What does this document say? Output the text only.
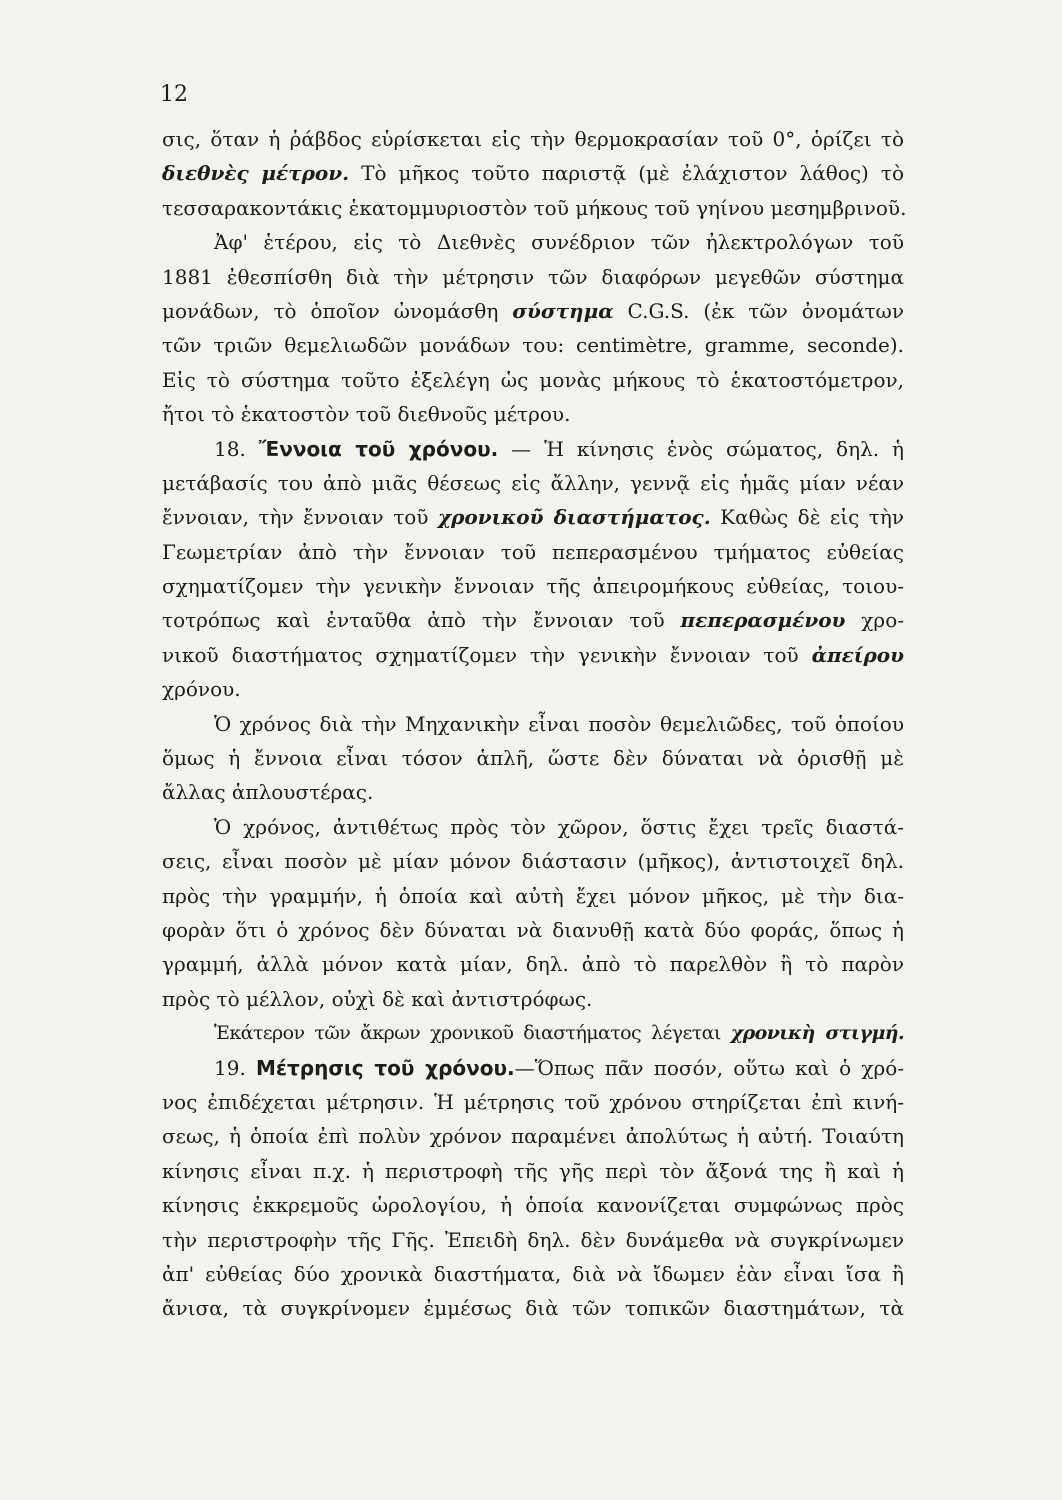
12
σις, ὅταν ἡ ῥάβδος εὑρίσκεται εἰς τὴν θερμοκρασίαν τοῦ 0°, ὁρίζει τὸ
διεθνὲς μέτρον. Τὸ μῆκος τοῦτο παριστᾷ (μὲ ἐλάχιστον λάθος) τὸ
τεσσαρακοντάκις ἑκατομμυριοστὸν τοῦ μήκους τοῦ γηίνου μεσημβρινοῦ.
Ἀφ' ἑτέρου, εἰς τὸ Διεθνὲς συνέδριον τῶν ἠλεκτρολόγων τοῦ
1881 ἐθεσπίσθη διὰ τὴν μέτρησιν τῶν διαφόρων μεγεθῶν σύστημα
μονάδων, τὸ ὁποῖον ὠνομάσθη σύστημα C.G.S. (ἐκ τῶν ὀνομάτων
τῶν τριῶν θεμελιωδῶν μονάδων του: centimètre, gramme, seconde).
Εἰς τὸ σύστημα τοῦτο ἐξελέγη ὡς μονὰς μήκους τὸ ἑκατοστόμετρον,
ἤτοι τὸ ἑκατοστὸν τοῦ διεθνοῦς μέτρου.
18. Ἔννοια τοῦ χρόνου. — Ἡ κίνησις ἑνὸς σώματος, δηλ. ἡ
μετάβασίς του ἀπὸ μιᾶς θέσεως εἰς ἄλλην, γεννᾷ εἰς ἡμᾶς μίαν νέαν
ἔννοιαν, τὴν ἔννοιαν τοῦ χρονικοῦ διαστήματος. Καθὼς δὲ εἰς τὴν
Γεωμετρίαν ἀπὸ τὴν ἔννοιαν τοῦ πεπερασμένου τμήματος εὐθείας
σχηματίζομεν τὴν γενικὴν ἔννοιαν τῆς ἀπειρομήκους εὐθείας, τοιου-
τοτρόπως καὶ ἐνταῦθα ἀπὸ τὴν ἔννοιαν τοῦ πεπερασμένου χρο-
νικοῦ διαστήματος σχηματίζομεν τὴν γενικὴν ἔννοιαν τοῦ ἀπείρου
χρόνου.
Ὁ χρόνος διὰ τὴν Μηχανικὴν εἶναι ποσὸν θεμελιῶδες, τοῦ ὁποίου
ὅμως ἡ ἔννοια εἶναι τόσον ἁπλῆ, ὥστε δὲν δύναται νὰ ὁρισθῇ μὲ
ἄλλας ἁπλουστέρας.
Ὁ χρόνος, ἀντιθέτως πρὸς τὸν χῶρον, ὅστις ἔχει τρεῖς διαστά-
σεις, εἶναι ποσὸν μὲ μίαν μόνον διάστασιν (μῆκος), ἀντιστοιχεῖ δηλ.
πρὸς τὴν γραμμήν, ἡ ὁποία καὶ αὐτὴ ἔχει μόνον μῆκος, μὲ τὴν δια-
φορὰν ὅτι ὁ χρόνος δὲν δύναται νὰ διανυθῇ κατὰ δύο φοράς, ὅπως ἡ
γραμμή, ἀλλὰ μόνον κατὰ μίαν, δηλ. ἀπὸ τὸ παρελθὸν ἢ τὸ παρὸν
πρὸς τὸ μέλλον, οὐχὶ δὲ καὶ ἀντιστρόφως.
Ἑκάτερον τῶν ἄκρων χρονικοῦ διαστήματος λέγεται χρονικὴ στιγμή.
19. Μέτρησις τοῦ χρόνου.—Ὅπως πᾶν ποσόν, οὕτω καὶ ὁ χρό-
νος ἐπιδέχεται μέτρησιν. Ἡ μέτρησις τοῦ χρόνου στηρίζεται ἐπὶ κινή-
σεως, ἡ ὁποία ἐπὶ πολὺν χρόνον παραμένει ἀπολύτως ἡ αὐτή. Τοιαύτη
κίνησις εἶναι π.χ. ἡ περιστροφὴ τῆς γῆς περὶ τὸν ἄξονά της ἢ καὶ ἡ
κίνησις ἐκκρεμοῦς ὡρολογίου, ἡ ὁποία κανονίζεται συμφώνως πρὸς
τὴν περιστροφὴν τῆς Γῆς. Ἐπειδὴ δηλ. δὲν δυνάμεθα νὰ συγκρίνωμεν
ἀπ' εὐθείας δύο χρονικὰ διαστήματα, διὰ νὰ ἴδωμεν ἐὰν εἶναι ἴσα ἢ
ἄνισα, τὰ συγκρίνομεν ἐμμέσως διὰ τῶν τοπικῶν διαστημάτων, τὰ
